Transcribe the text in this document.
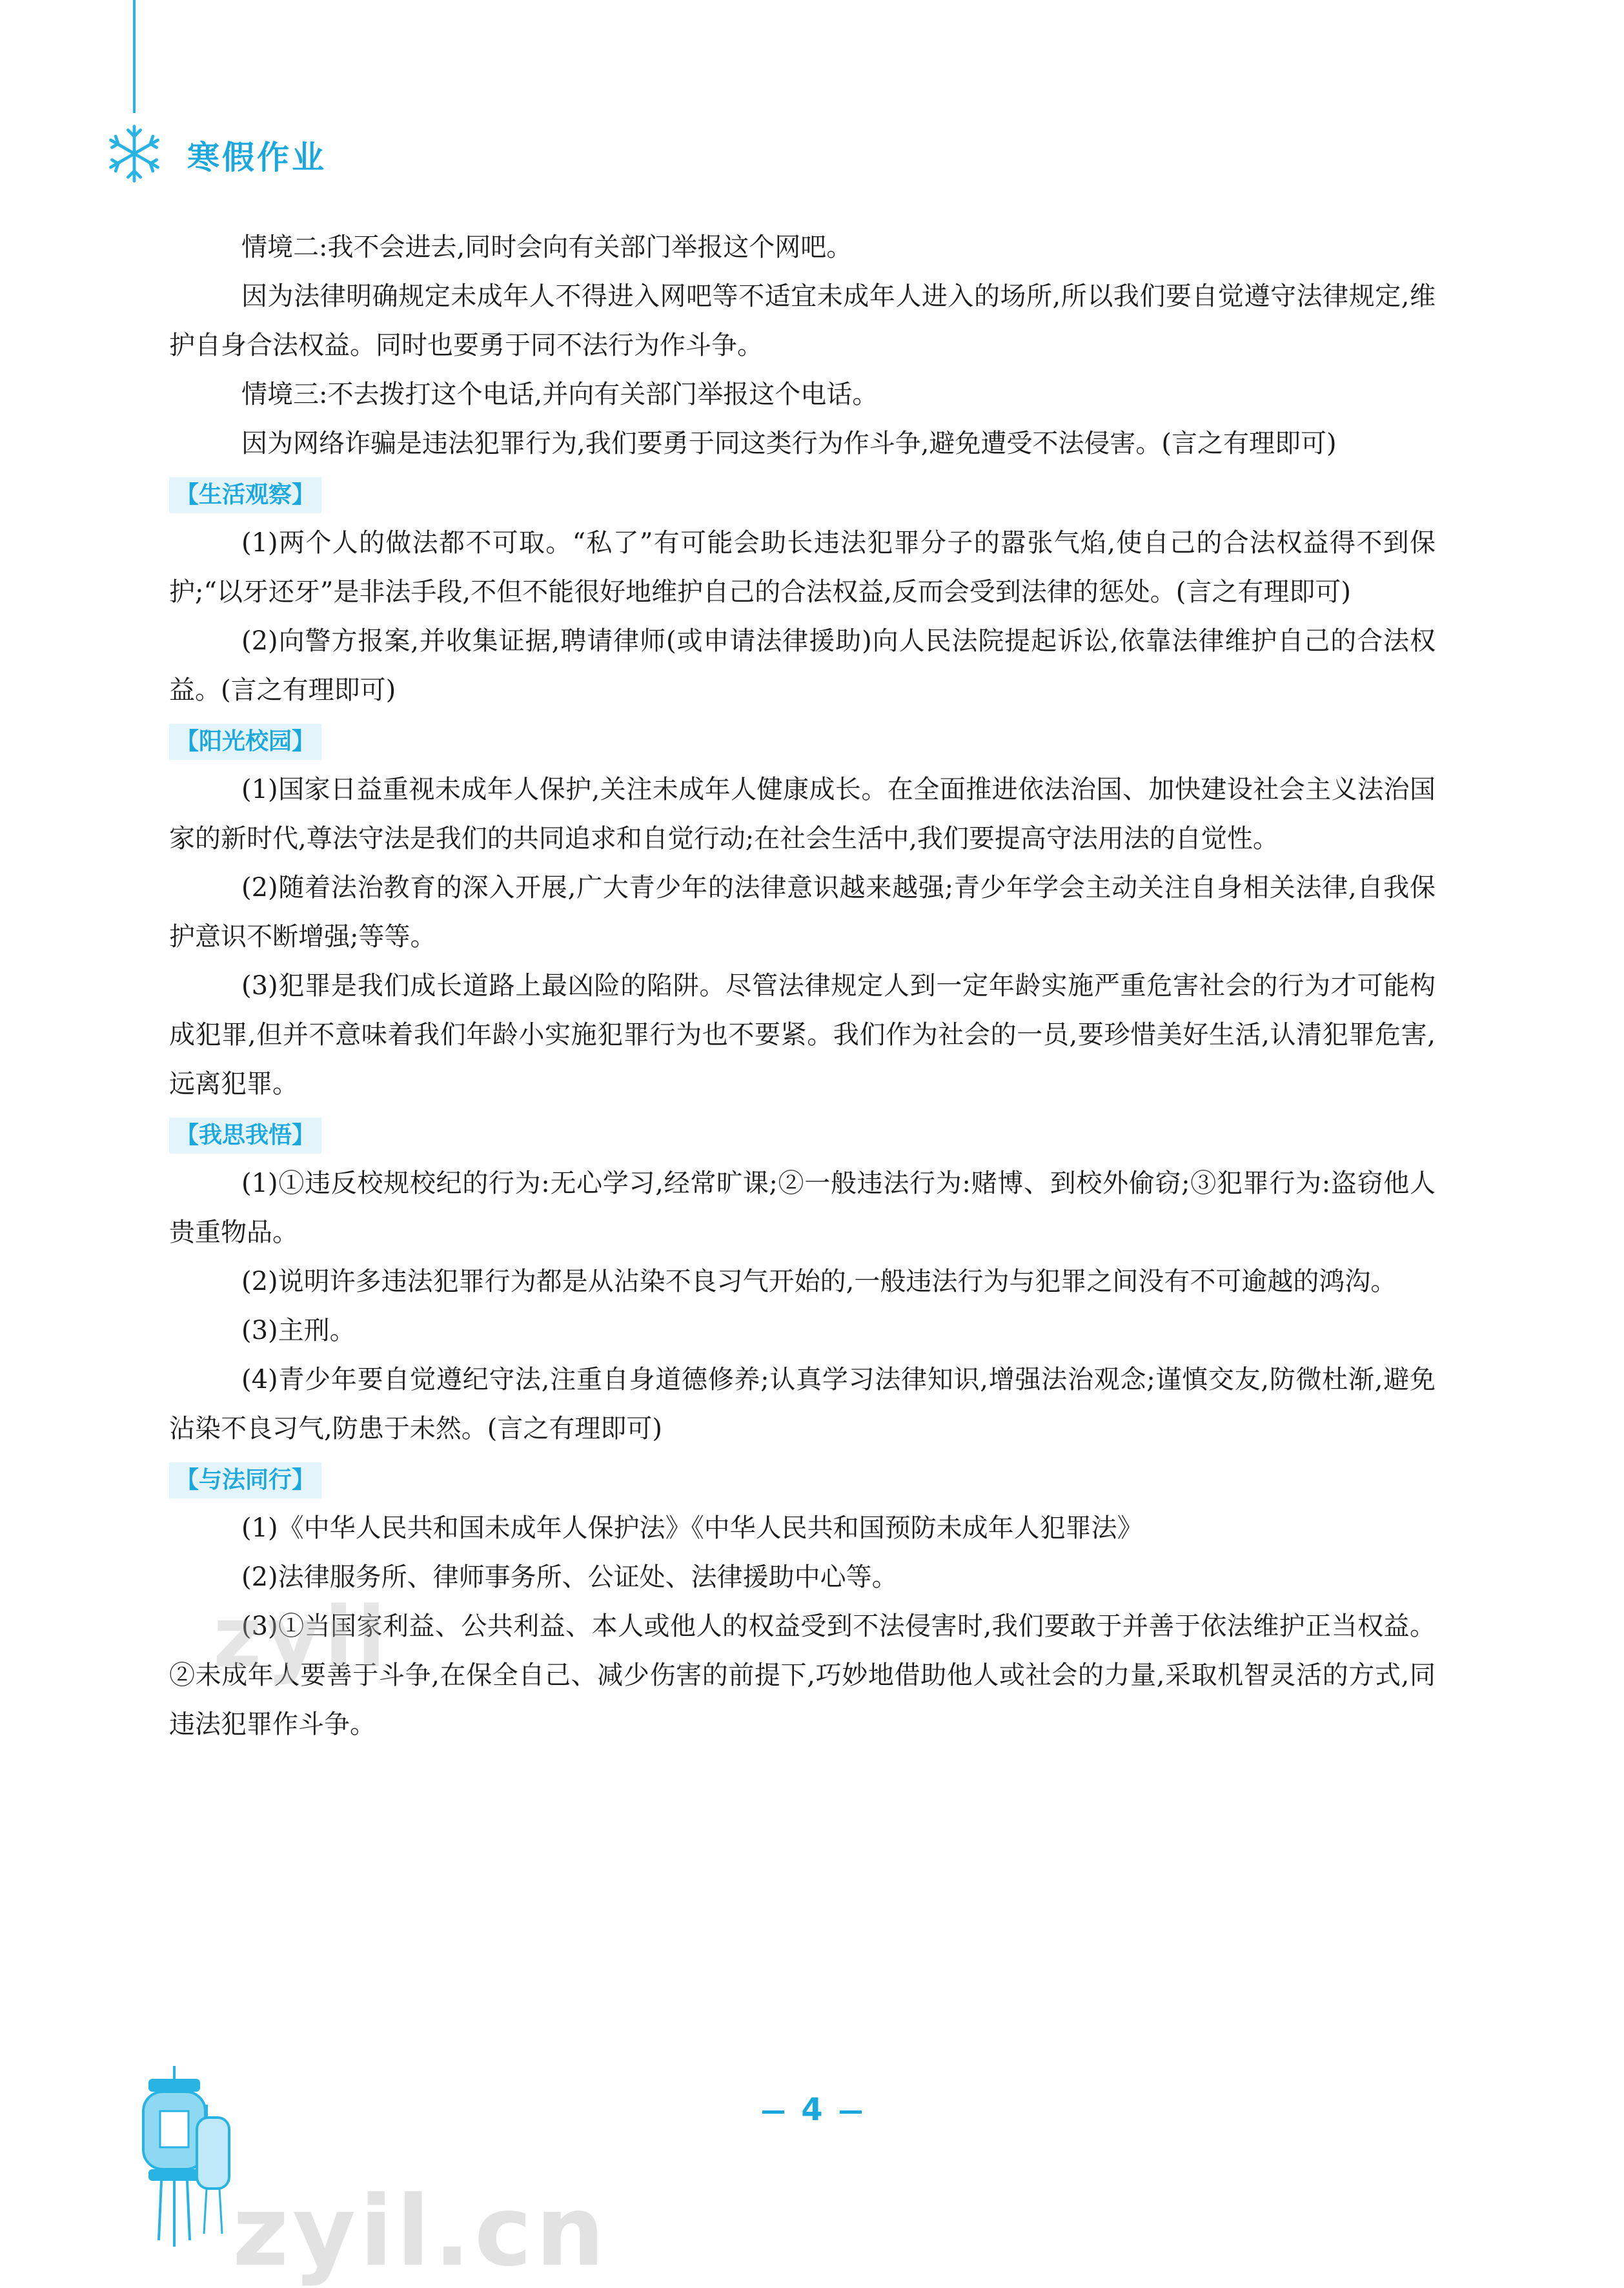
寒假作业

情境二:我不会进去,同时会向有关部门举报这个网吧。

因为法律明确规定未成年人不得进入网吧等不适宜未成年人进入的场所,所以我们要自觉遵守法律规定,维护自身合法权益。同时也要勇于同不法行为作斗争。

情境三:不去拨打这个电话,并向有关部门举报这个电话。

因为网络诈骗是违法犯罪行为,我们要勇于同这类行为作斗争,避免遭受不法侵害。(言之有理即可)

【生活观察】

(1)两个人的做法都不可取。“私了”有可能会助长违法犯罪分子的嚣张气焰,使自己的合法权益得不到保护;“以牙还牙”是非法手段,不但不能很好地维护自己的合法权益,反而会受到法律的惩处。(言之有理即可)

(2)向警方报案,并收集证据,聘请律师(或申请法律援助)向人民法院提起诉讼,依靠法律维护自己的合法权益。(言之有理即可)

【阳光校园】

(1)国家日益重视未成年人保护,关注未成年人健康成长。在全面推进依法治国、加快建设社会主义法治国家的新时代,尊法守法是我们的共同追求和自觉行动;在社会生活中,我们要提高守法用法的自觉性。

(2)随着法治教育的深入开展,广大青少年的法律意识越来越强;青少年学会主动关注自身相关法律,自我保护意识不断增强;等等。

(3)犯罪是我们成长道路上最凶险的陷阱。尽管法律规定人到一定年龄实施严重危害社会的行为才可能构成犯罪,但并不意味着我们年龄小实施犯罪行为也不要紧。我们作为社会的一员,要珍惜美好生活,认清犯罪危害,远离犯罪。

【我思我悟】

(1)①违反校规校纪的行为:无心学习,经常旷课;②一般违法行为:赌博、到校外偷窃;③犯罪行为:盗窃他人贵重物品。

(2)说明许多违法犯罪行为都是从沾染不良习气开始的,一般违法行为与犯罪之间没有不可逾越的鸿沟。

(3)主刑。

(4)青少年要自觉遵纪守法,注重自身道德修养;认真学习法律知识,增强法治观念;谨慎交友,防微杜渐,避免沾染不良习气,防患于未然。(言之有理即可)

【与法同行】

(1)《中华人民共和国未成年人保护法》《中华人民共和国预防未成年人犯罪法》

(2)法律服务所、律师事务所、公证处、法律援助中心等。

(3)①当国家利益、公共利益、本人或他人的权益受到不法侵害时,我们要敢于并善于依法维护正当权益。②未成年人要善于斗争,在保全自己、减少伤害的前提下,巧妙地借助他人或社会的力量,采取机智灵活的方式,同违法犯罪作斗争。

zyil
4
zyil.cn
